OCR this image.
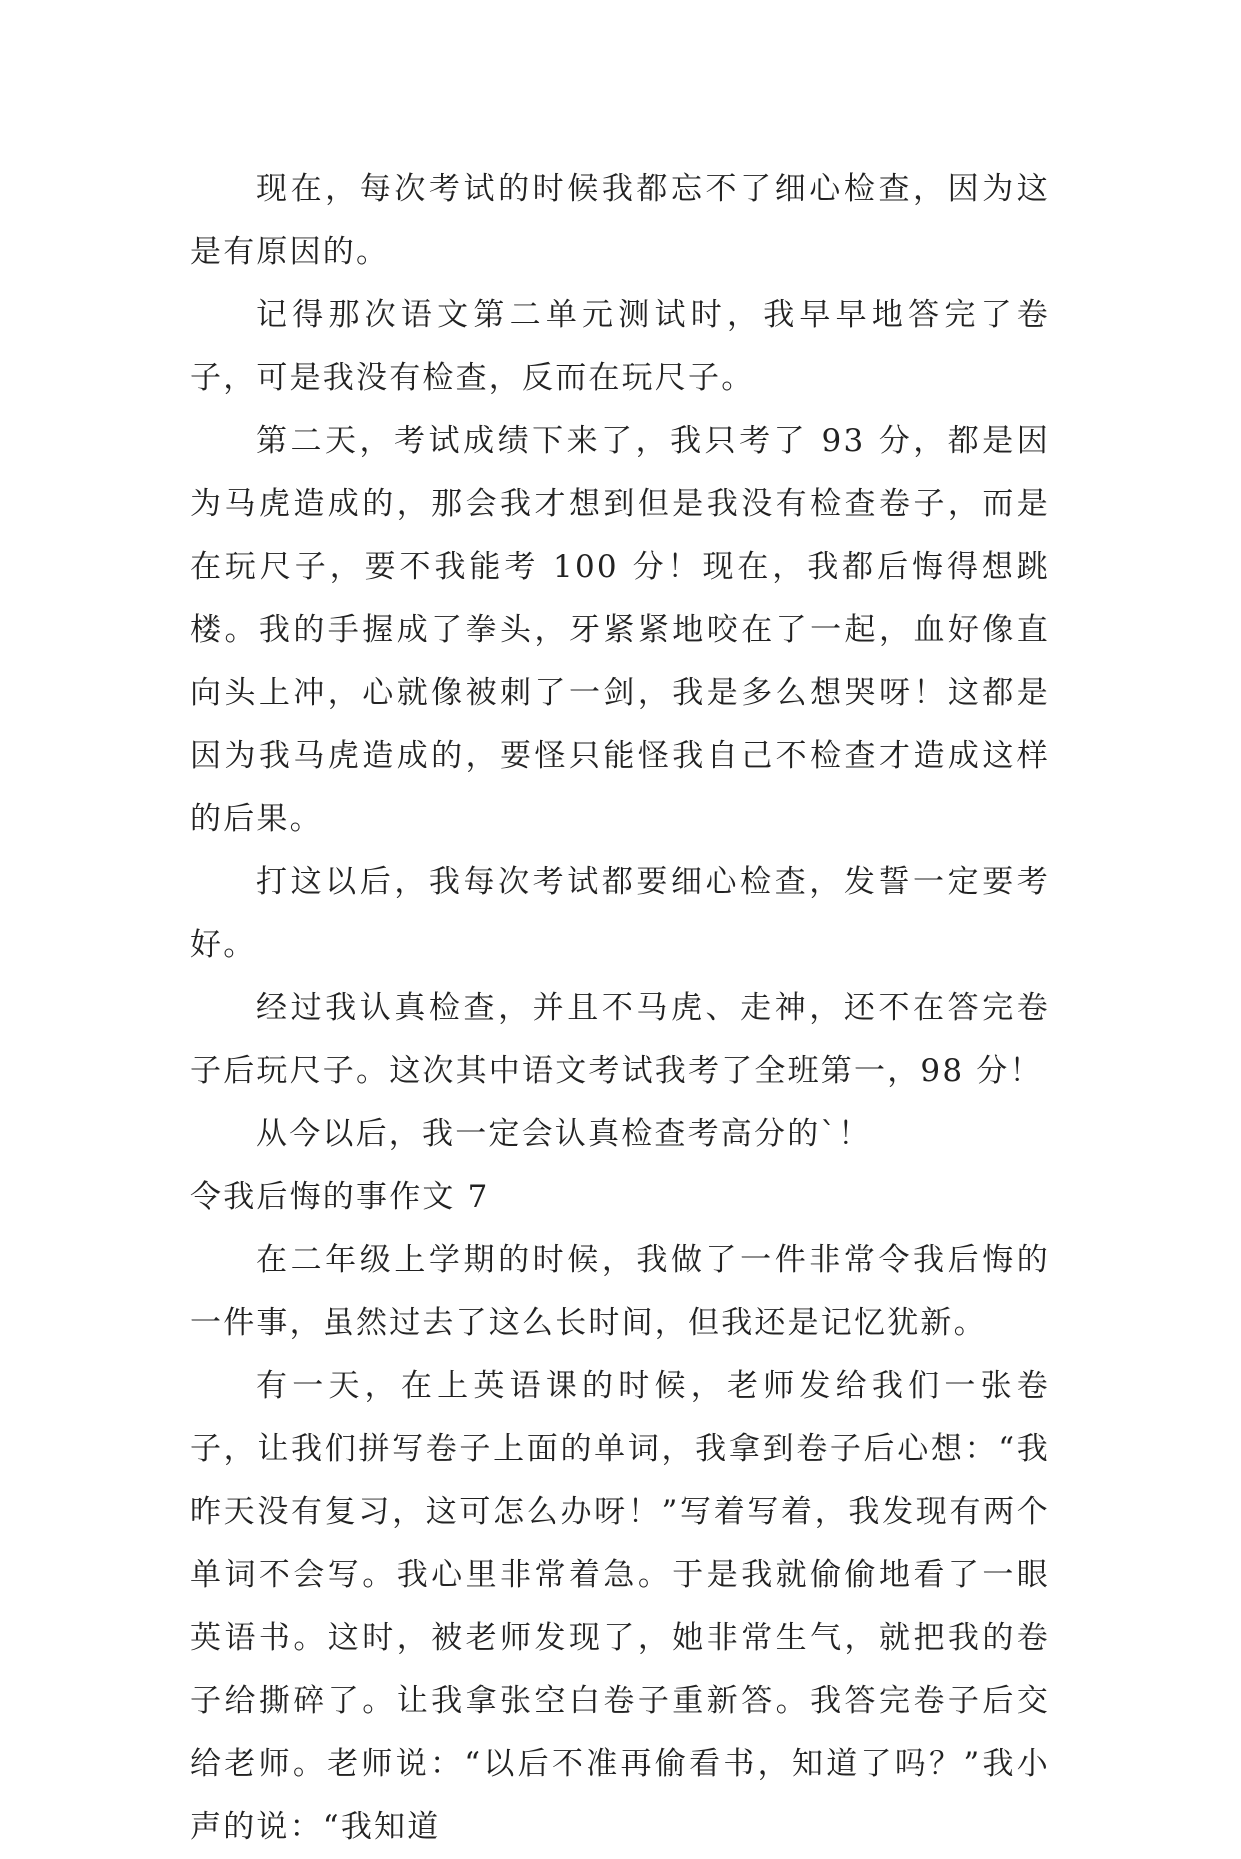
现在，每次考试的时候我都忘不了细心检查，因为这是有原因的。

记得那次语文第二单元测试时，我早早地答完了卷子，可是我没有检查，反而在玩尺子。

第二天，考试成绩下来了，我只考了 93 分，都是因为马虎造成的，那会我才想到但是我没有检查卷子，而是在玩尺子，要不我能考 100 分！现在，我都后悔得想跳楼。我的手握成了拳头，牙紧紧地咬在了一起，血好像直向头上冲，心就像被刺了一剑，我是多么想哭呀！这都是因为我马虎造成的，要怪只能怪我自己不检查才造成这样的后果。

打这以后，我每次考试都要细心检查，发誓一定要考好。

经过我认真检查，并且不马虎、走神，还不在答完卷子后玩尺子。这次其中语文考试我考了全班第一，98 分！

从今以后，我一定会认真检查考高分的`！

令我后悔的事作文 7

在二年级上学期的时候，我做了一件非常令我后悔的一件事，虽然过去了这么长时间，但我还是记忆犹新。

有一天，在上英语课的时候，老师发给我们一张卷子，让我们拼写卷子上面的单词，我拿到卷子后心想：“我昨天没有复习，这可怎么办呀！”写着写着，我发现有两个单词不会写。我心里非常着急。于是我就偷偷地看了一眼英语书。这时，被老师发现了，她非常生气，就把我的卷子给撕碎了。让我拿张空白卷子重新答。我答完卷子后交给老师。老师说：“以后不准再偷看书，知道了吗？”我小声的说：“我知道
